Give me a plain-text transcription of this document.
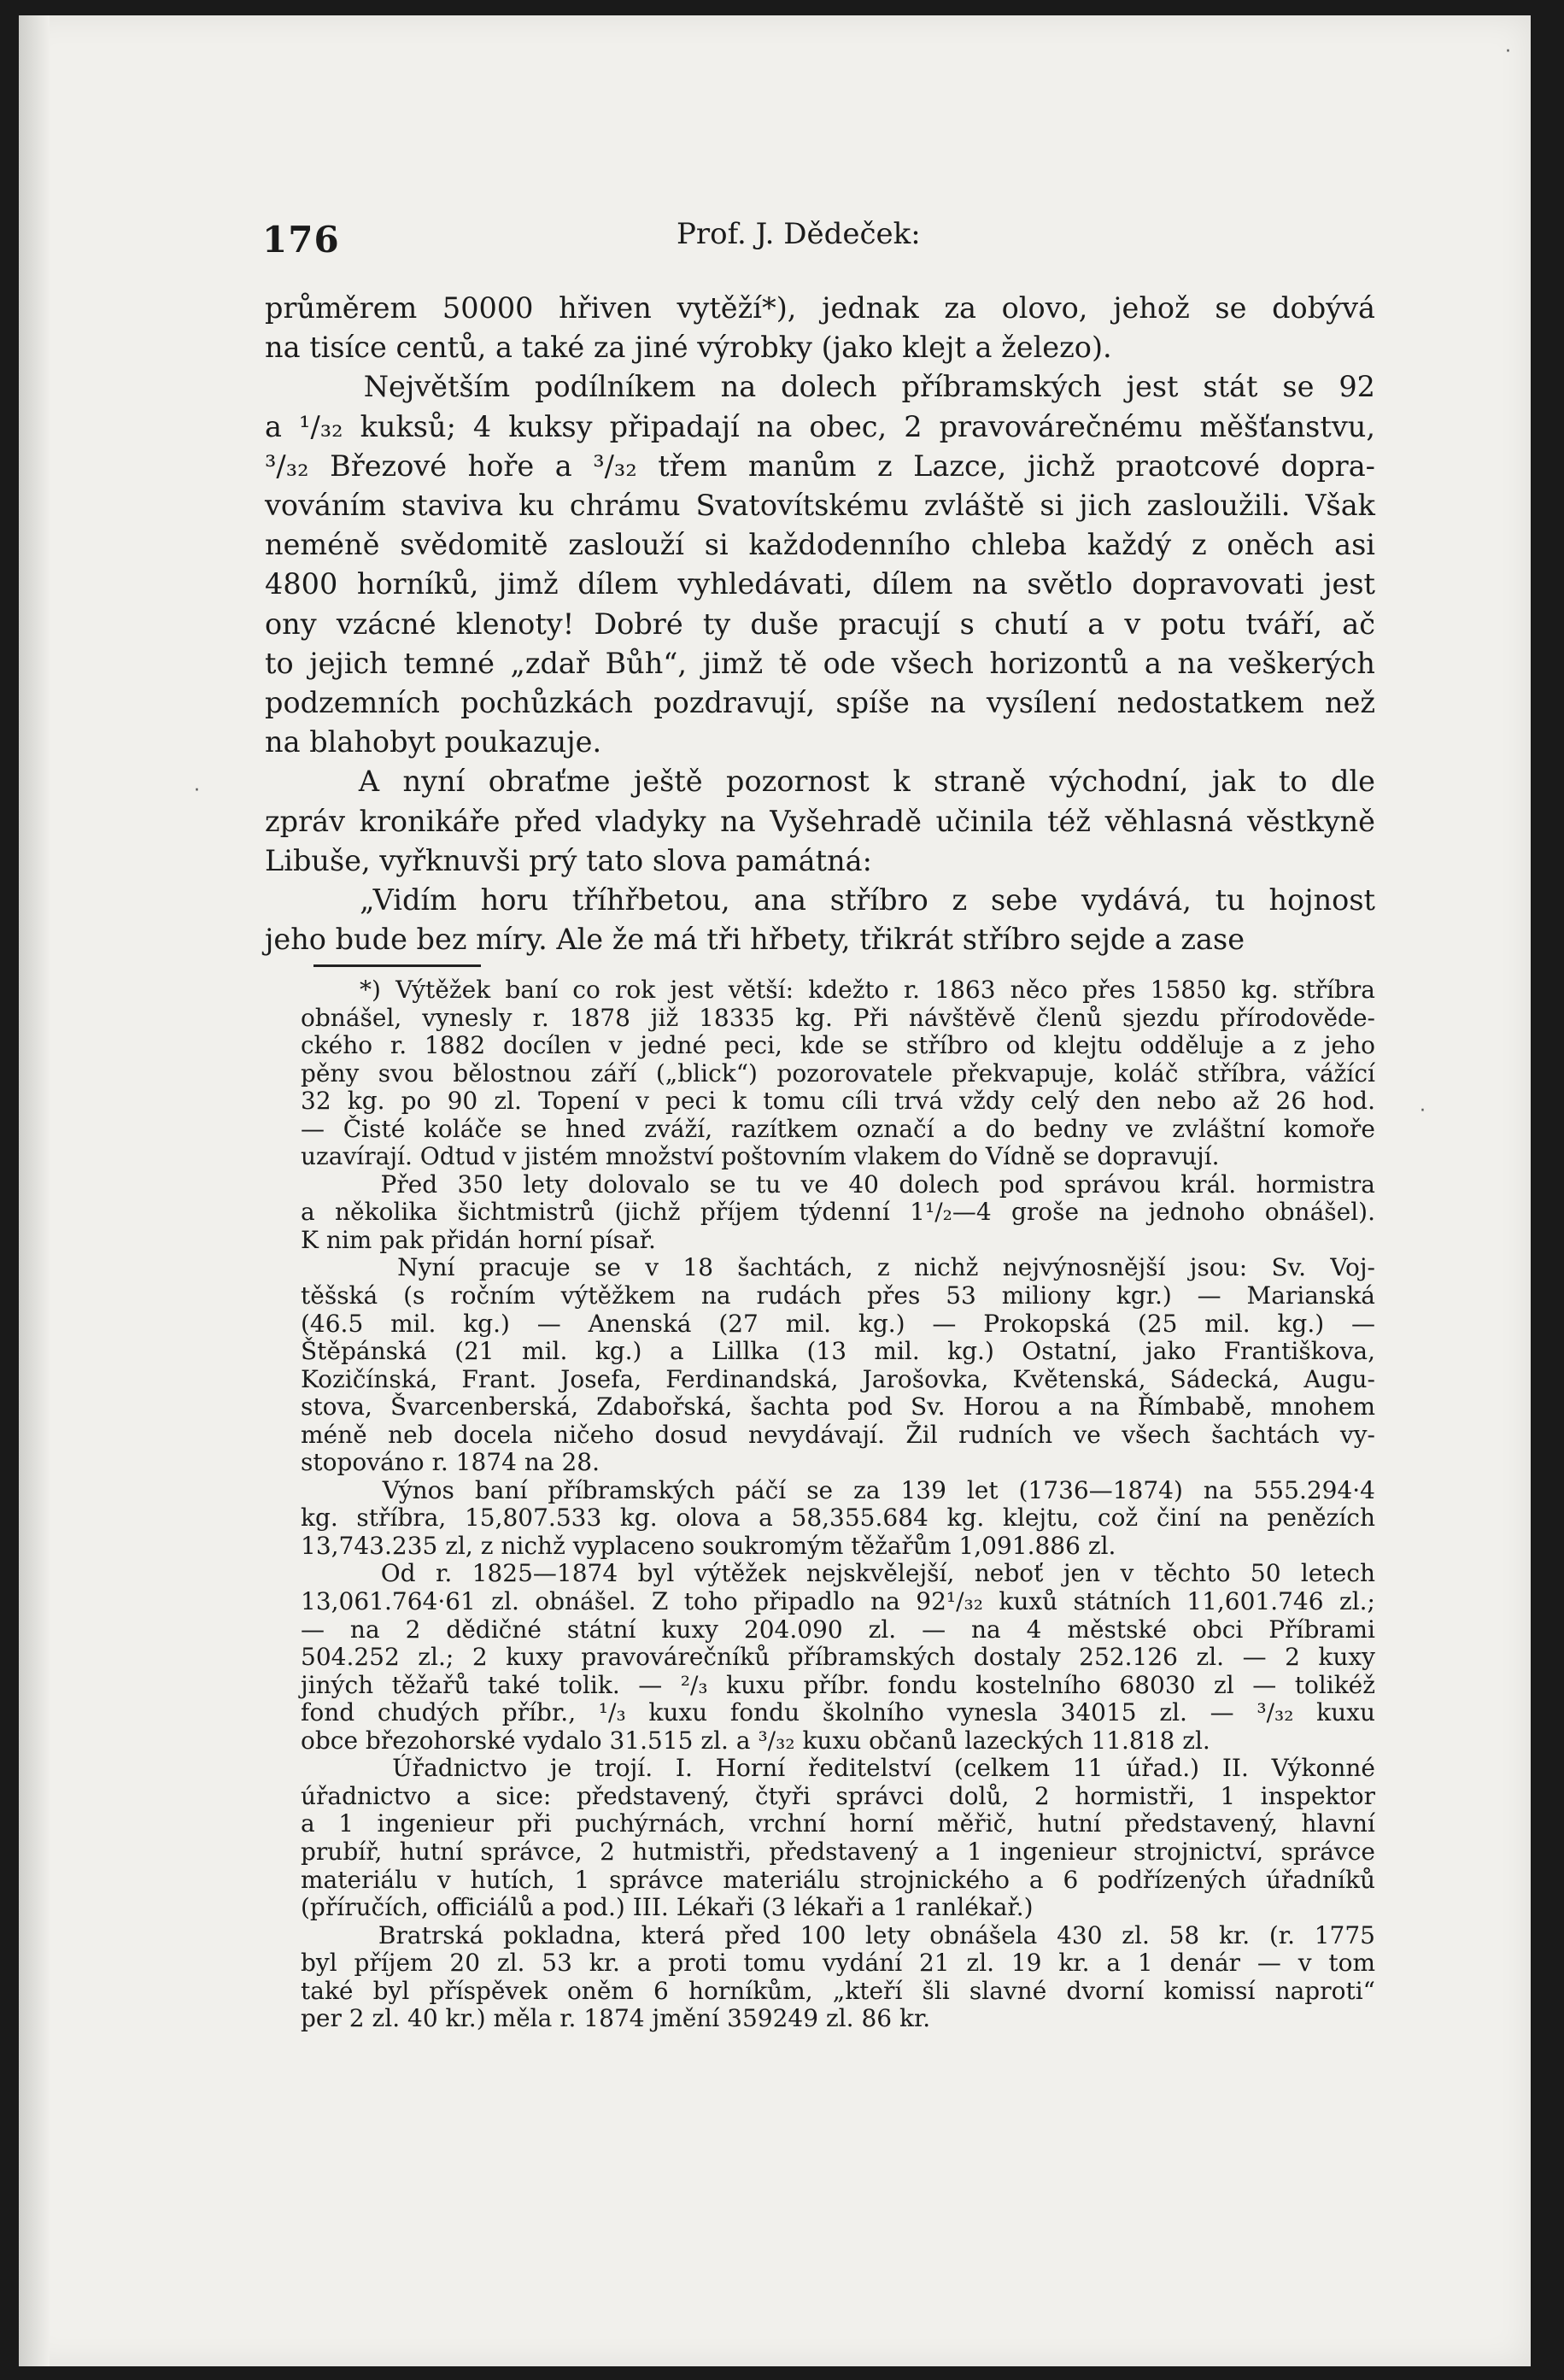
176	Prof. J. Dědeček:
průměrem 50000 hřiven vytěží*), jednak za olovo, jehož se dobývá
na tisíce centů, a také za jiné výrobky (jako klejt a železo).
Největším podílníkem na dolech příbramských jest stát se 92
a ¹/₃₂ kuksů; 4 kuksy připadají na obec, 2 pravovárečnému měšťanstvu,
³/₃₂ Březové hoře a ³/₃₂ třem manům z Lazce, jichž praotcové dopra-
vováním staviva ku chrámu Svatovítskému zvláště si jich zasloužili. Však
neméně svědomitě zaslouží si každodenního chleba každý z oněch asi
4800 horníků, jimž dílem vyhledávati, dílem na světlo dopravovati jest
ony vzácné klenoty! Dobré ty duše pracují s chutí a v potu tváří, ač
to jejich temné „zdař Bůh“, jimž tě ode všech horizontů a na veškerých
podzemních pochůzkách pozdravují, spíše na vysílení nedostatkem než
na blahobyt poukazuje.
A nyní obraťme ještě pozornost k straně východní, jak to dle
zpráv kronikáře před vladyky na Vyšehradě učinila též věhlasná věstkyně
Libuše, vyřknuvši prý tato slova památná:
„Vidím horu tříhřbetou, ana stříbro z sebe vydává, tu hojnost
jeho bude bez míry. Ale že má tři hřbety, třikrát stříbro sejde a zase
*) Výtěžek baní co rok jest větší: kdežto r. 1863 něco přes 15850 kg. stříbra
obnášel, vynesly r. 1878 již 18335 kg. Při návštěvě členů sjezdu přírodověde-
ckého r. 1882 docílen v jedné peci, kde se stříbro od klejtu odděluje a z jeho
pěny svou bělostnou září („blick“) pozorovatele překvapuje, koláč stříbra, vážící
32 kg. po 90 zl. Topení v peci k tomu cíli trvá vždy celý den nebo až 26 hod.
— Čisté koláče se hned zváží, razítkem označí a do bedny ve zvláštní komoře
uzavírají. Odtud v jistém množství poštovním vlakem do Vídně se dopravují.
Před 350 lety dolovalo se tu ve 40 dolech pod správou král. hormistra
a několika šichtmistrů (jichž příjem týdenní 1¹/₂—4 groše na jednoho obnášel).
K nim pak přidán horní písař.
Nyní pracuje se v 18 šachtách, z nichž nejvýnosnější jsou: Sv. Voj-
těšská (s ročním výtěžkem na rudách přes 53 miliony kgr.) — Marianská
(46.5 mil. kg.) — Anenská (27 mil. kg.) — Prokopská (25 mil. kg.) —
Štěpánská (21 mil. kg.) a Lillka (13 mil. kg.) Ostatní, jako Františkova,
Kozičínská, Frant. Josefa, Ferdinandská, Jarošovka, Květenská, Sádecká, Augu-
stova, Švarcenberská, Zdabořská, šachta pod Sv. Horou a na Římbabě, mnohem
méně neb docela ničeho dosud nevydávají. Žil rudních ve všech šachtách vy-
stopováno r. 1874 na 28.
Výnos baní příbramských páčí se za 139 let (1736—1874) na 555.294·4
kg. stříbra, 15,807.533 kg. olova a 58,355.684 kg. klejtu, což činí na penězích
13,743.235 zl, z nichž vyplaceno soukromým těžařům 1,091.886 zl.
Od r. 1825—1874 byl výtěžek nejskvělejší, neboť jen v těchto 50 letech
13,061.764·61 zl. obnášel. Z toho připadlo na 92¹/₃₂ kuxů státních 11,601.746 zl.;
— na 2 dědičné státní kuxy 204.090 zl. — na 4 městské obci Příbrami
504.252 zl.; 2 kuxy pravovárečníků příbramských dostaly 252.126 zl. — 2 kuxy
jiných těžařů také tolik. — ²/₃ kuxu příbr. fondu kostelního 68030 zl — tolikéž
fond chudých příbr., ¹/₃ kuxu fondu školního vynesla 34015 zl. — ³/₃₂ kuxu
obce březohorské vydalo 31.515 zl. a ³/₃₂ kuxu občanů lazeckých 11.818 zl.
Úřadnictvo je trojí. I. Horní ředitelství (celkem 11 úřad.) II. Výkonné
úřadnictvo a sice: představený, čtyři správci dolů, 2 hormistři, 1 inspektor
a 1 ingenieur při puchýrnách, vrchní horní měřič, hutní představený, hlavní
prubíř, hutní správce, 2 hutmistři, představený a 1 ingenieur strojnictví, správce
materiálu v hutích, 1 správce materiálu strojnického a 6 podřízených úřadníků
(příručích, officiálů a pod.) III. Lékaři (3 lékaři a 1 ranlékař.)
Bratrská pokladna, která před 100 lety obnášela 430 zl. 58 kr. (r. 1775
byl příjem 20 zl. 53 kr. a proti tomu vydání 21 zl. 19 kr. a 1 denár — v tom
také byl příspěvek oněm 6 horníkům, „kteří šli slavné dvorní komissí naproti“
per 2 zl. 40 kr.) měla r. 1874 jmění 359249 zl. 86 kr.
·
·
·
